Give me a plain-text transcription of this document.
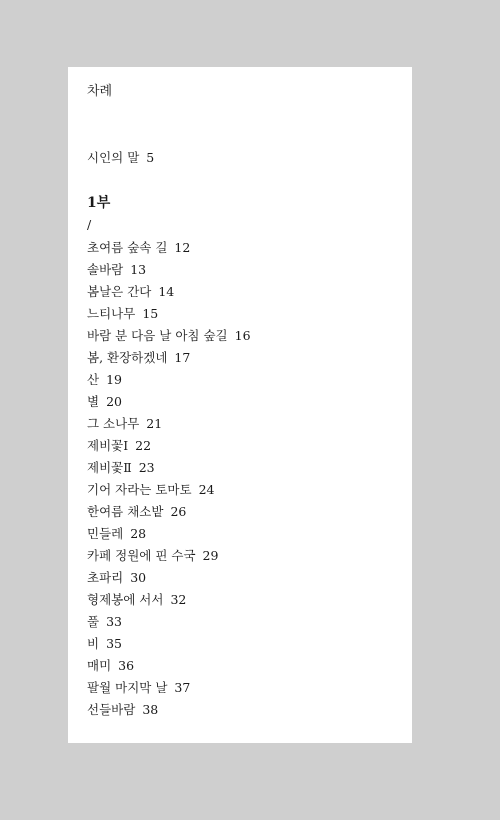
차례
시인의 말 5
1부
/
초여름 숲속 길 12
솔바람 13
봄날은 간다 14
느티나무 15
바람 분 다음 날 아침 숲길 16
봄, 환장하겠네 17
산 19
별 20
그 소나무 21
제비꽃Ⅰ 22
제비꽃Ⅱ 23
기어 자라는 토마토 24
한여름 채소밭 26
민들레 28
카페 정원에 핀 수국 29
초파리 30
형제봉에 서서 32
풀 33
비 35
매미 36
팔월 마지막 날 37
선들바람 38
